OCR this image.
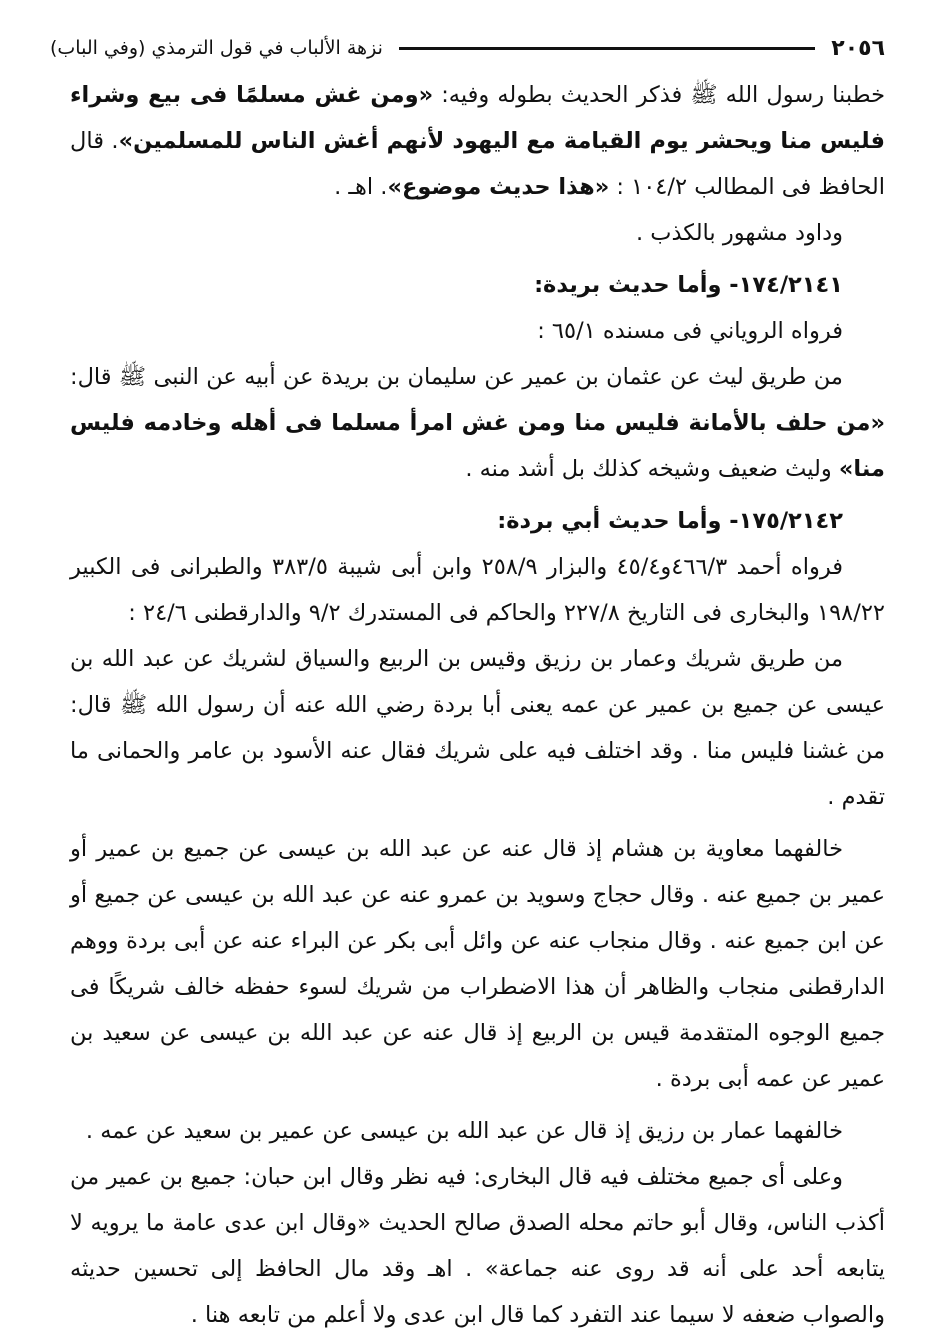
٢٠٥٦
نزهة الألباب في قول الترمذي (وفي الباب)

خطبنا رسول الله ﷺ فذكر الحديث بطوله وفيه: «ومن غش مسلمًا فى بيع وشراء فليس منا ويحشر يوم القيامة مع اليهود لأنهم أغش الناس للمسلمين». قال الحافظ فى المطالب ١٠٤/٢ : «هذا حديث موضوع». اهـ .

وداود مشهور بالكذب .

١٧٤/٢١٤١- وأما حديث بريدة:

فرواه الروياني فى مسنده ٦٥/١ :

من طريق ليث عن عثمان بن عمير عن سليمان بن بريدة عن أبيه عن النبى ﷺ قال: «من حلف بالأمانة فليس منا ومن غش امرأ مسلما فى أهله وخادمه فليس منا» وليث ضعيف وشيخه كذلك بل أشد منه .

١٧٥/٢١٤٢- وأما حديث أبي بردة:

فرواه أحمد ٤٦٦/٣و٤٥/٤ والبزار ٢٥٨/٩ وابن أبى شيبة ٣٨٣/٥ والطبرانى فى الكبير ١٩٨/٢٢ والبخارى فى التاريخ ٢٢٧/٨ والحاكم فى المستدرك ٩/٢ والدارقطنى ٢٤/٦ :

من طريق شريك وعمار بن رزيق وقيس بن الربيع والسياق لشريك عن عبد الله بن عيسى عن جميع بن عمير عن عمه يعنى أبا بردة رضي الله عنه أن رسول الله ﷺ قال: من غشنا فليس منا . وقد اختلف فيه على شريك فقال عنه الأسود بن عامر والحمانى ما تقدم .

خالفهما معاوية بن هشام إذ قال عنه عن عبد الله بن عيسى عن جميع بن عمير أو عمير بن جميع عنه . وقال حجاج وسويد بن عمرو عنه عن عبد الله بن عيسى عن جميع أو عن ابن جميع عنه . وقال منجاب عنه عن وائل أبى بكر عن البراء عنه عن أبى بردة ووهم الدارقطنى منجاب والظاهر أن هذا الاضطراب من شريك لسوء حفظه خالف شريكًا فى جميع الوجوه المتقدمة قيس بن الربيع إذ قال عنه عن عبد الله بن عيسى عن سعيد بن عمير عن عمه أبى بردة .

خالفهما عمار بن رزيق إذ قال عن عبد الله بن عيسى عن عمير بن سعيد عن عمه .

وعلى أى جميع مختلف فيه قال البخارى: فيه نظر وقال ابن حبان: جميع بن عمير من أكذب الناس، وقال أبو حاتم محله الصدق صالح الحديث «وقال ابن عدى عامة ما يرويه لا يتابعه أحد على أنه قد روى عنه جماعة» . اهـ وقد مال الحافظ إلى تحسين حديثه والصواب ضعفه لا سيما عند التفرد كما قال ابن عدى ولا أعلم من تابعه هنا .
